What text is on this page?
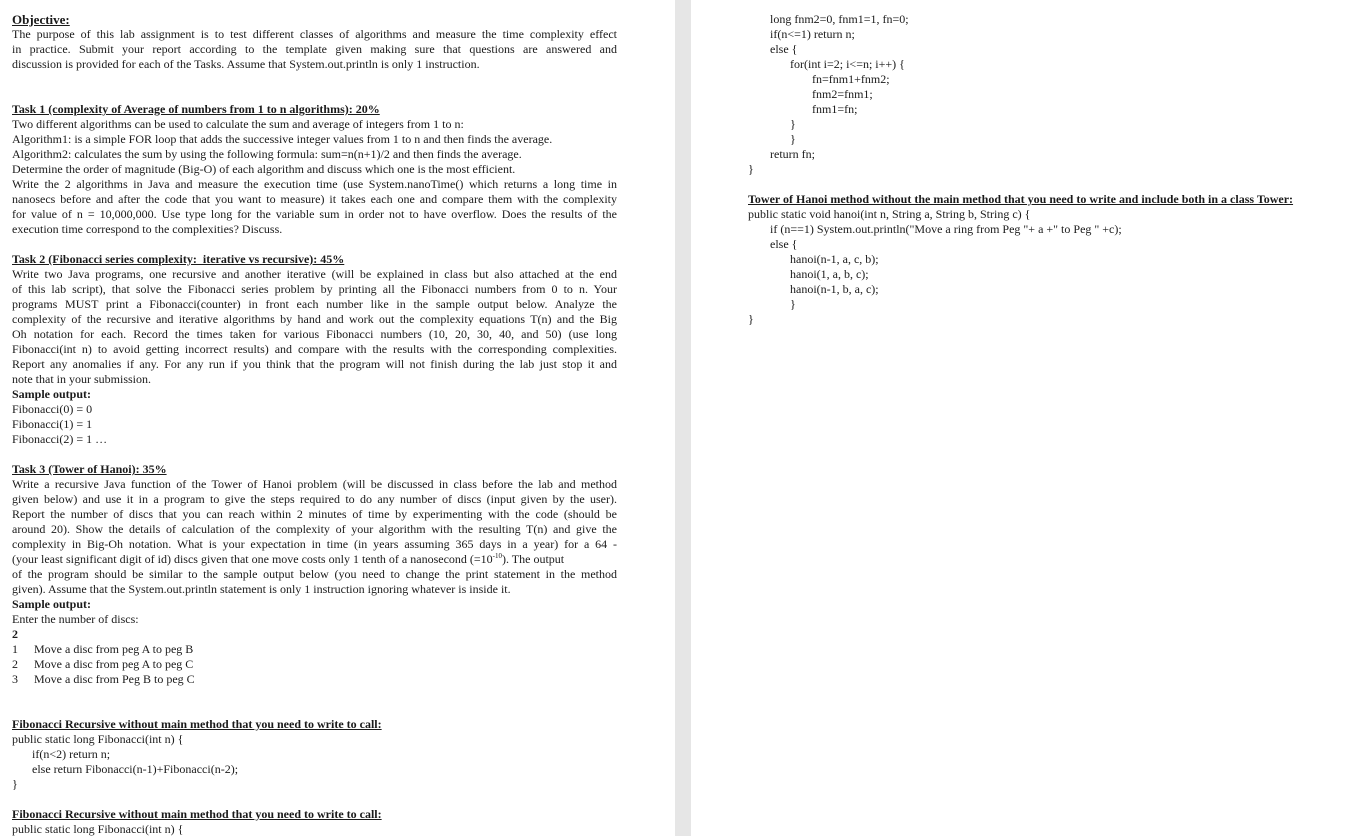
Objective:
The purpose of this lab assignment is to test different classes of algorithms and measure the time complexity effect
in practice. Submit your report according to the template given making sure that questions are answered and
discussion is provided for each of the Tasks. Assume that System.out.println is only 1 instruction.
Task 1 (complexity of Average of numbers from 1 to n algorithms): 20%
Two different algorithms can be used to calculate the sum and average of integers from 1 to n:
Algorithm1: is a simple FOR loop that adds the successive integer values from 1 to n and then finds the average.
Algorithm2: calculates the sum by using the following formula: sum=n(n+1)/2 and then finds the average.
Determine the order of magnitude (Big-O) of each algorithm and discuss which one is the most efficient.
Write the 2 algorithms in Java and measure the execution time (use System.nanoTime() which returns a long time in
nanosecs before and after the code that you want to measure) it takes each one and compare them with the complexity
for value of n = 10,000,000. Use type long for the variable sum in order not to have overflow. Does the results of the
execution time correspond to the complexities? Discuss.
Task 2 (Fibonacci series complexity:  iterative vs recursive): 45%
Write two Java programs, one recursive and another iterative (will be explained in class but also attached at the end
of this lab script), that solve the Fibonacci series problem by printing all the Fibonacci numbers from 0 to n. Your
programs MUST print a Fibonacci(counter) in front each number like in the sample output below. Analyze the
complexity of the recursive and iterative algorithms by hand and work out the complexity equations T(n) and the Big
Oh notation for each. Record the times taken for various Fibonacci numbers (10, 20, 30, 40, and 50) (use long
Fibonacci(int n) to avoid getting incorrect results) and compare with the results with the corresponding complexities.
Report any anomalies if any. For any run if you think that the program will not finish during the lab just stop it and
note that in your submission.
Sample output:
Fibonacci(0) = 0
Fibonacci(1) = 1
Fibonacci(2) = 1 …
Task 3 (Tower of Hanoi): 35%
Write a recursive Java function of the Tower of Hanoi problem (will be discussed in class before the lab and method
given below) and use it in a program to give the steps required to do any number of discs (input given by the user).
Report the number of discs that you can reach within 2 minutes of time by experimenting with the code (should be
around 20). Show the details of calculation of the complexity of your algorithm with the resulting T(n) and give the
complexity in Big-Oh notation. What is your expectation in time (in years assuming 365 days in a year) for a 64 -
(your least significant digit of id) discs given that one move costs only 1 tenth of a nanosecond $(=10^{-10})$. The output
of the program should be similar to the sample output below (you need to change the print statement in the method
given). Assume that the System.out.println statement is only 1 instruction ignoring whatever is inside it.
Sample output:
Enter the number of discs:
2
1	Move a disc from peg A to peg B
2	Move a disc from peg A to peg C
3	Move a disc from Peg B to peg C
Fibonacci Recursive without main method that you need to write to call:
public static long Fibonacci(int n) {
if(n<2) return n;
else return Fibonacci(n-1)+Fibonacci(n-2);
}
Fibonacci Recursive without main method that you need to write to call:
public static long Fibonacci(int n) {
long fnm2=0, fnm1=1, fn=0;
if(n<=1) return n;
else {
for(int i=2; i<=n; i++) {
fn=fnm1+fnm2;
fnm2=fnm1;
fnm1=fn;
}
}
return fn;
}
Tower of Hanoi method without the main method that you need to write and include both in a class Tower:
public static void hanoi(int n, String a, String b, String c) {
if (n==1) System.out.println("Move a ring from Peg "+ a +" to Peg " +c);
else {
hanoi(n-1, a, c, b);
hanoi(1, a, b, c);
hanoi(n-1, b, a, c);
}
}
